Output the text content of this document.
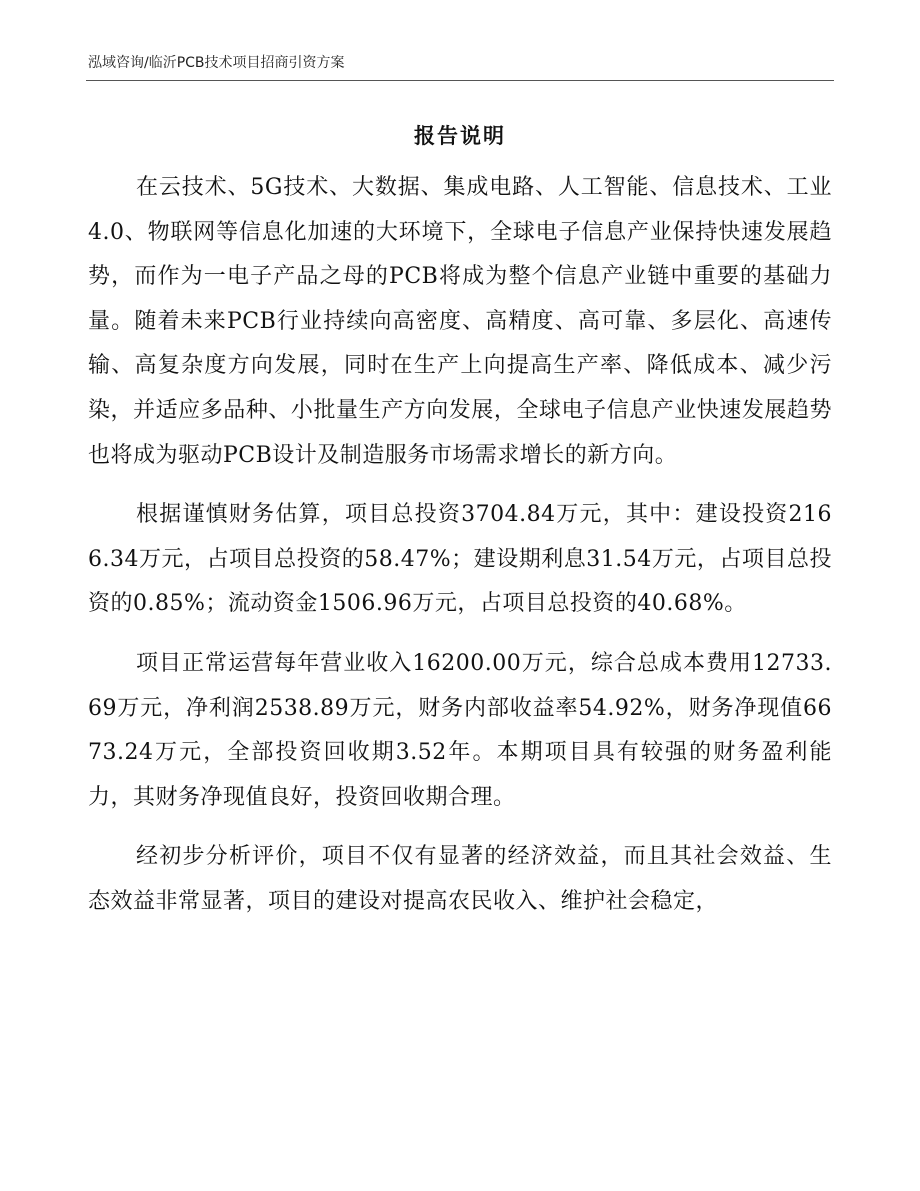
泓域咨询/临沂PCB技术项目招商引资方案
报告说明

在云技术、5G技术、大数据、集成电路、人工智能、信息技术、工业4.0、物联网等信息化加速的大环境下，全球电子信息产业保持快速发展趋势，而作为一电子产品之母的PCB将成为整个信息产业链中重要的基础力量。随着未来PCB行业持续向高密度、高精度、高可靠、多层化、高速传输、高复杂度方向发展，同时在生产上向提高生产率、降低成本、减少污染，并适应多品种、小批量生产方向发展，全球电子信息产业快速发展趋势也将成为驱动PCB设计及制造服务市场需求增长的新方向。

根据谨慎财务估算，项目总投资3704.84万元，其中：建设投资2166.34万元，占项目总投资的58.47%；建设期利息31.54万元，占项目总投资的0.85%；流动资金1506.96万元，占项目总投资的40.68%。

项目正常运营每年营业收入16200.00万元，综合总成本费用12733.69万元，净利润2538.89万元，财务内部收益率54.92%，财务净现值6673.24万元，全部投资回收期3.52年。本期项目具有较强的财务盈利能力，其财务净现值良好，投资回收期合理。

经初步分析评价，项目不仅有显著的经济效益，而且其社会效益、生态效益非常显著，项目的建设对提高农民收入、维护社会稳定，
